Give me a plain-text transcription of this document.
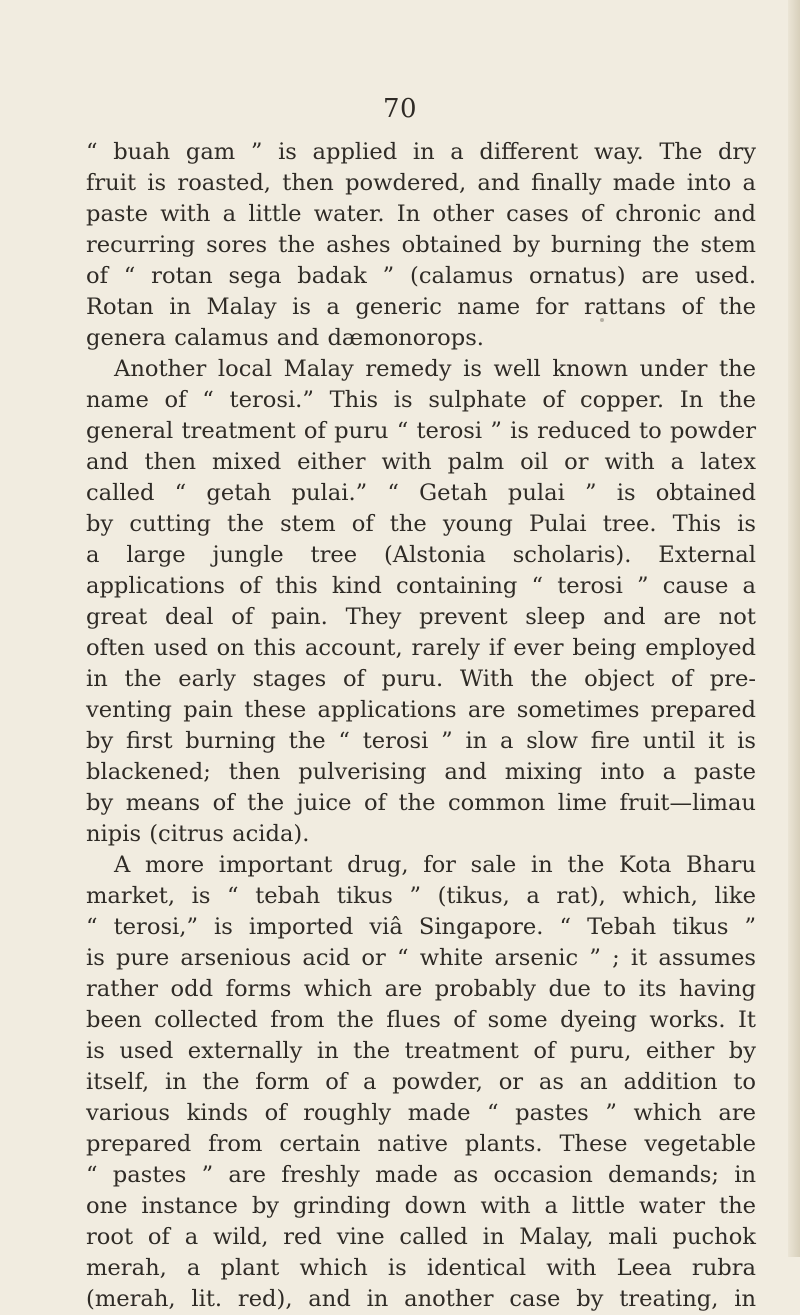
70
“ buah gam ” is applied in a different way. The dry
fruit is roasted, then powdered, and finally made into a
paste with a little water. In other cases of chronic and
recurring sores the ashes obtained by burning the stem
of “ rotan sega badak ” (calamus ornatus) are used.
Rotan in Malay is a generic name for rattans of the
genera calamus and dæmonorops.
Another local Malay remedy is well known under the
name of “ terosi.” This is sulphate of copper. In the
general treatment of puru “ terosi ” is reduced to powder
and then mixed either with palm oil or with a latex
called “ getah pulai.” “ Getah pulai ” is obtained
by cutting the stem of the young Pulai tree. This is
a large jungle tree (Alstonia scholaris). External
applications of this kind containing “ terosi ” cause a
great deal of pain. They prevent sleep and are not
often used on this account, rarely if ever being employed
in the early stages of puru. With the object of pre-
venting pain these applications are sometimes prepared
by first burning the “ terosi ” in a slow fire until it is
blackened; then pulverising and mixing into a paste
by means of the juice of the common lime fruit—limau
nipis (citrus acida).
A more important drug, for sale in the Kota Bharu
market, is “ tebah tikus ” (tikus, a rat), which, like
“ terosi,” is imported viâ Singapore. “ Tebah tikus ”
is pure arsenious acid or “ white arsenic ” ; it assumes
rather odd forms which are probably due to its having
been collected from the flues of some dyeing works. It
is used externally in the treatment of puru, either by
itself, in the form of a powder, or as an addition to
various kinds of roughly made “ pastes ” which are
prepared from certain native plants. These vegetable
“ pastes ” are freshly made as occasion demands; in
one instance by grinding down with a little water the
root of a wild, red vine called in Malay, mali puchok
merah, a plant which is identical with Leea rubra
(merah, lit. red), and in another case by treating, in
